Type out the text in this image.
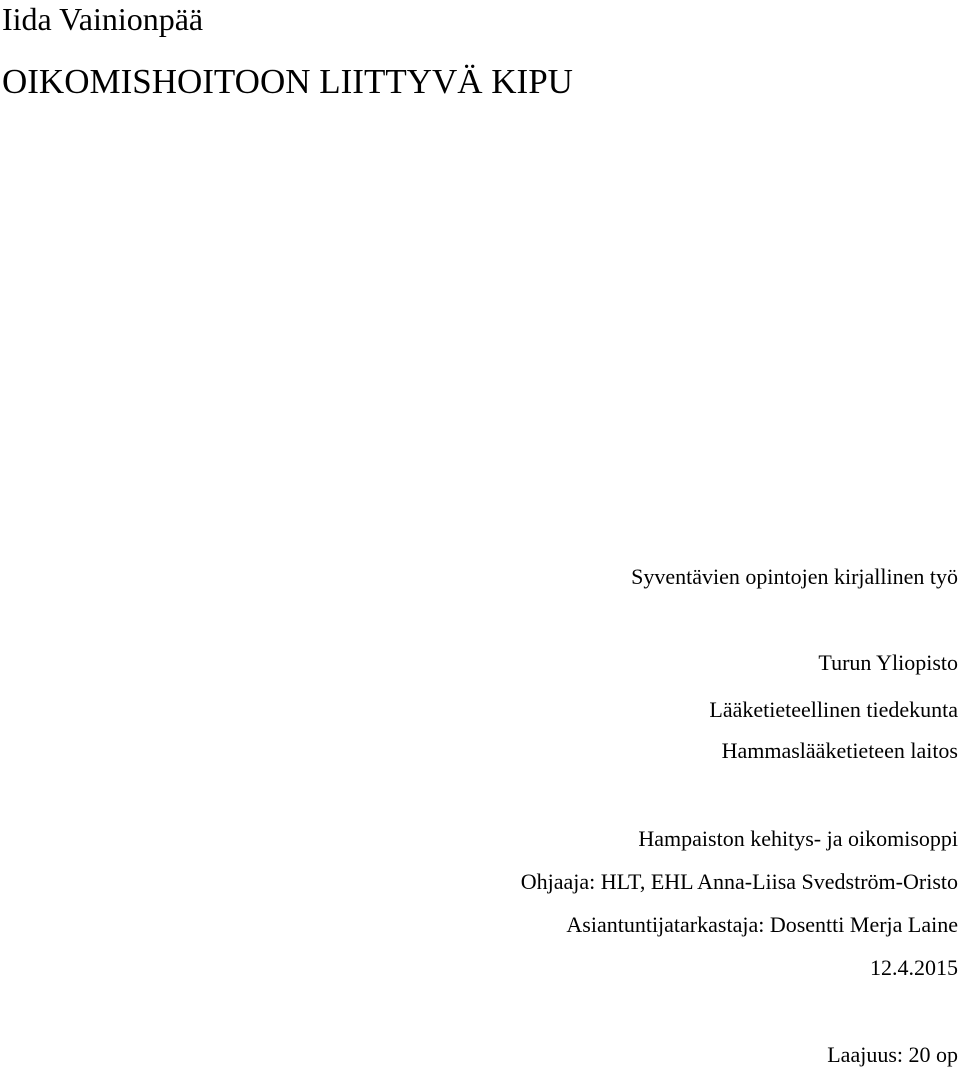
Iida Vainionpää
OIKOMISHOITOON LIITTYVÄ KIPU
Syventävien opintojen kirjallinen työ
Turun Yliopisto
Lääketieteellinen tiedekunta
Hammaslääketieteen laitos
Hampaiston kehitys- ja oikomisoppi
Ohjaaja: HLT, EHL Anna-Liisa Svedström-Oristo
Asiantuntijatarkastaja: Dosentti Merja Laine
12.4.2015
Laajuus: 20 op
